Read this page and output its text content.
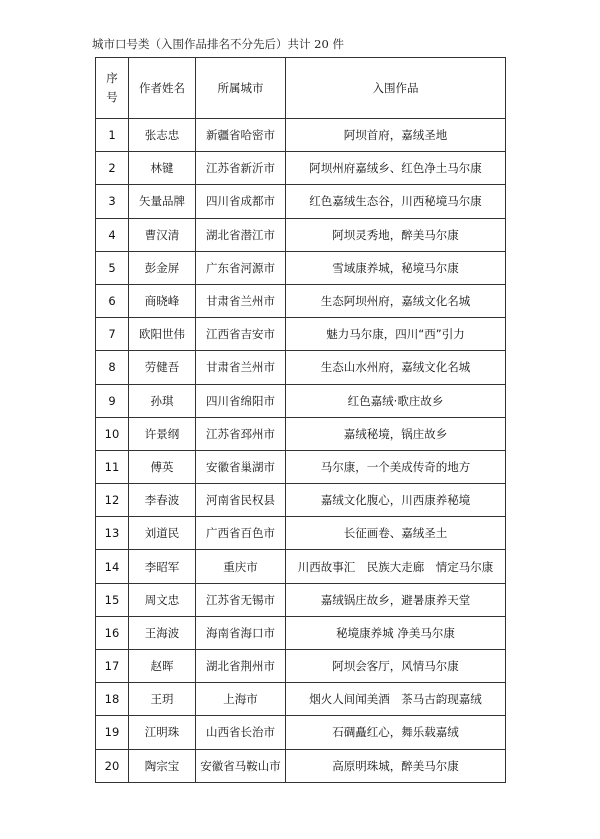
城市口号类（入围作品排名不分先后）共计 20 件
序
号	作者姓名	所属城市	入围作品
1	张志忠	新疆省哈密市	阿坝首府，嘉绒圣地
2	林键	江苏省新沂市	阿坝州府嘉绒乡、红色净土马尔康
3	矢量品牌	四川省成都市	红色嘉绒生态谷，川西秘境马尔康
4	曹汉清	湖北省潜江市	阿坝灵秀地，醉美马尔康
5	彭金屏	广东省河源市	雪域康养城，秘境马尔康
6	商晓峰	甘肃省兰州市	生态阿坝州府，嘉绒文化名城
7	欧阳世伟	江西省吉安市	魅力马尔康，四川“西”引力
8	劳健吾	甘肃省兰州市	生态山水州府，嘉绒文化名城
9	孙琪	四川省绵阳市	红色嘉绒·歌庄故乡
10	许景纲	江苏省邳州市	嘉绒秘境，锅庄故乡
11	傅英	安徽省巢湖市	马尔康，一个美成传奇的地方
12	李春波	河南省民权县	嘉绒文化腹心，川西康养秘境
13	刘道民	广西省百色市	长征画卷、嘉绒圣土
14	李昭军	重庆市	川西故事汇　民族大走廊　情定马尔康
15	周文忠	江苏省无锡市	嘉绒锅庄故乡，避暑康养天堂
16	王海波	海南省海口市	秘境康养城 净美马尔康
17	赵晖	湖北省荆州市	阿坝会客厅，风情马尔康
18	王玥	上海市	烟火人间闻美酒　茶马古韵现嘉绒
19	江明珠	山西省长治市	石碉矗红心，舞乐载嘉绒
20	陶宗宝	安徽省马鞍山市	高原明珠城，醉美马尔康
